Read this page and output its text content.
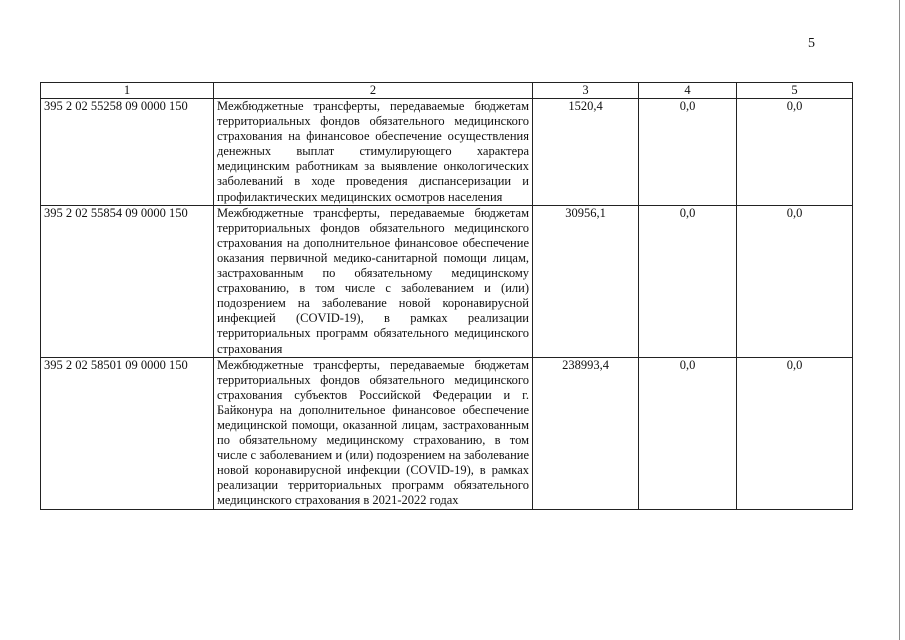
5
1	2	3	4	5
395 2 02 55258 09 0000 150	Межбюджетные трансферты, передаваемые бюджетам территориальных фондов обязательного медицинского страхования на финансовое обеспечение осуществления денежных выплат стимулирующего характера медицинским работникам за выявление онкологических заболеваний в ходе проведения диспансеризации и профилактических медицинских осмотров населения	1520,4	0,0	0,0
395 2 02 55854 09 0000 150	Межбюджетные трансферты, передаваемые бюджетам территориальных фондов обязательного медицинского страхования на дополнительное финансовое обеспечение оказания первичной медико-санитарной помощи лицам, застрахованным по обязательному медицинскому страхованию, в том числе с заболеванием и (или) подозрением на заболевание новой коронавирусной инфекцией (COVID-19), в рамках реализации территориальных программ обязательного медицинского страхования	30956,1	0,0	0,0
395 2 02 58501 09 0000 150	Межбюджетные трансферты, передаваемые бюджетам территориальных фондов обязательного медицинского страхования субъектов Российской Федерации и г. Байконура на дополнительное финансовое обеспечение медицинской помощи, оказанной лицам, застрахованным по обязательному медицинскому страхованию, в том числе с заболеванием и (или) подозрением на заболевание новой коронавирусной инфекции (COVID-19), в рамках реализации территориальных программ обязательного медицинского страхования в 2021-2022 годах	238993,4	0,0	0,0
